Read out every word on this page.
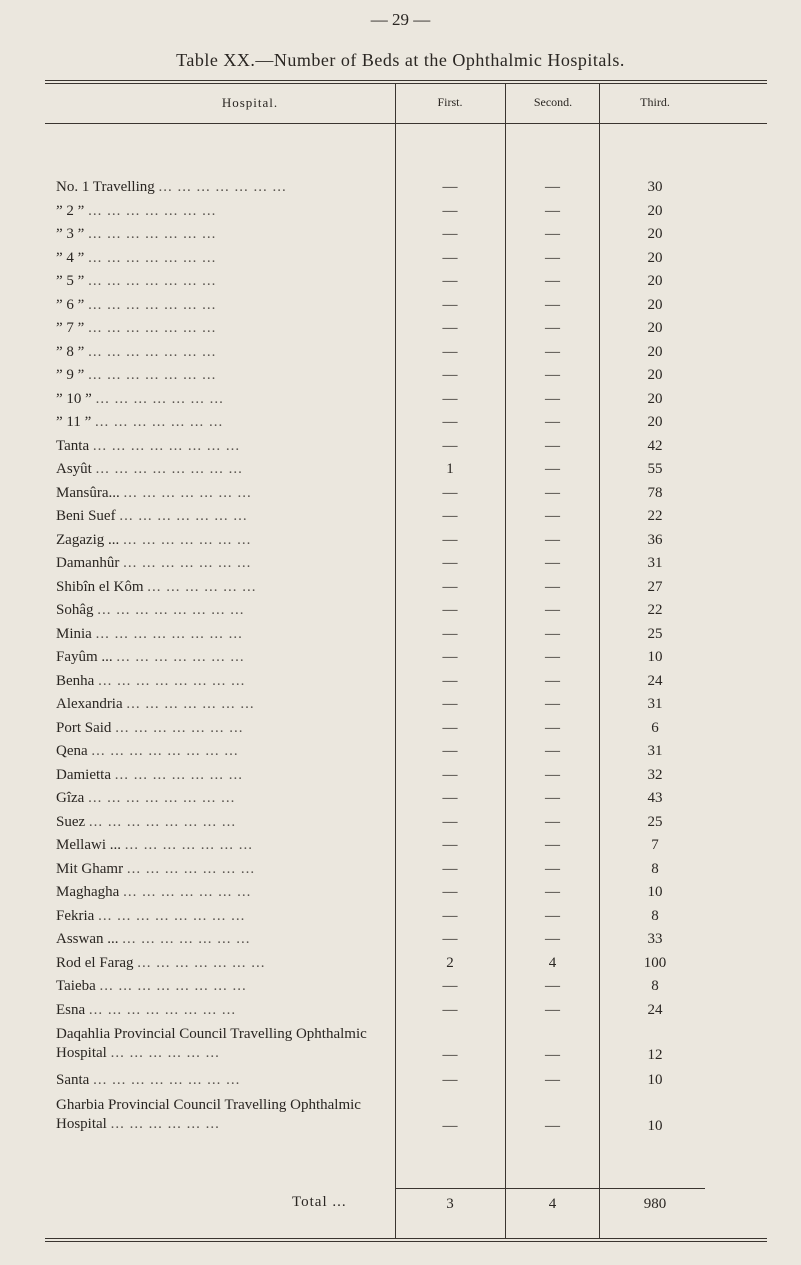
— 29 —
Table XX.—Number of Beds at the Ophthalmic Hospitals.
Hospital.	First.	Second.	Third.
No. 1 Travelling ... ... ... ... ... ... ...	—	—	30
” 2 ” ... ... ... ... ... ... ...	—	—	20
” 3 ” ... ... ... ... ... ... ...	—	—	20
” 4 ” ... ... ... ... ... ... ...	—	—	20
” 5 ” ... ... ... ... ... ... ...	—	—	20
” 6 ” ... ... ... ... ... ... ...	—	—	20
” 7 ” ... ... ... ... ... ... ...	—	—	20
” 8 ” ... ... ... ... ... ... ...	—	—	20
” 9 ” ... ... ... ... ... ... ...	—	—	20
” 10 ” ... ... ... ... ... ... ...	—	—	20
” 11 ” ... ... ... ... ... ... ...	—	—	20
Tanta ... ... ... ... ... ... ... ...	—	—	42
Asyût ... ... ... ... ... ... ... ...	1	—	55
Mansûra... ... ... ... ... ... ... ...	—	—	78
Beni Suef ... ... ... ... ... ... ...	—	—	22
Zagazig ... ... ... ... ... ... ... ...	—	—	36
Damanhûr ... ... ... ... ... ... ...	—	—	31
Shibîn el Kôm ... ... ... ... ... ...	—	—	27
Sohâg ... ... ... ... ... ... ... ...	—	—	22
Minia ... ... ... ... ... ... ... ...	—	—	25
Fayûm ... ... ... ... ... ... ... ...	—	—	10
Benha ... ... ... ... ... ... ... ...	—	—	24
Alexandria ... ... ... ... ... ... ...	—	—	31
Port Said ... ... ... ... ... ... ...	—	—	6
Qena ... ... ... ... ... ... ... ...	—	—	31
Damietta ... ... ... ... ... ... ...	—	—	32
Gîza ... ... ... ... ... ... ... ...	—	—	43
Suez ... ... ... ... ... ... ... ...	—	—	25
Mellawi ... ... ... ... ... ... ... ...	—	—	7
Mit Ghamr ... ... ... ... ... ... ...	—	—	8
Maghagha ... ... ... ... ... ... ...	—	—	10
Fekria ... ... ... ... ... ... ... ...	—	—	8
Asswan ... ... ... ... ... ... ... ...	—	—	33
Rod el Farag ... ... ... ... ... ... ...	2	4	100
Taieba ... ... ... ... ... ... ... ...	—	—	8
Esna ... ... ... ... ... ... ... ...	—	—	24
Daqahlia Provincial Council Travelling Ophthalmic Hospital ... ... ... ... ... ...	—	—	12
Santa ... ... ... ... ... ... ... ...	—	—	10
Gharbia Provincial Council Travelling Ophthalmic Hospital ... ... ... ... ... ...	—	—	10
Total ...	3	4	980
